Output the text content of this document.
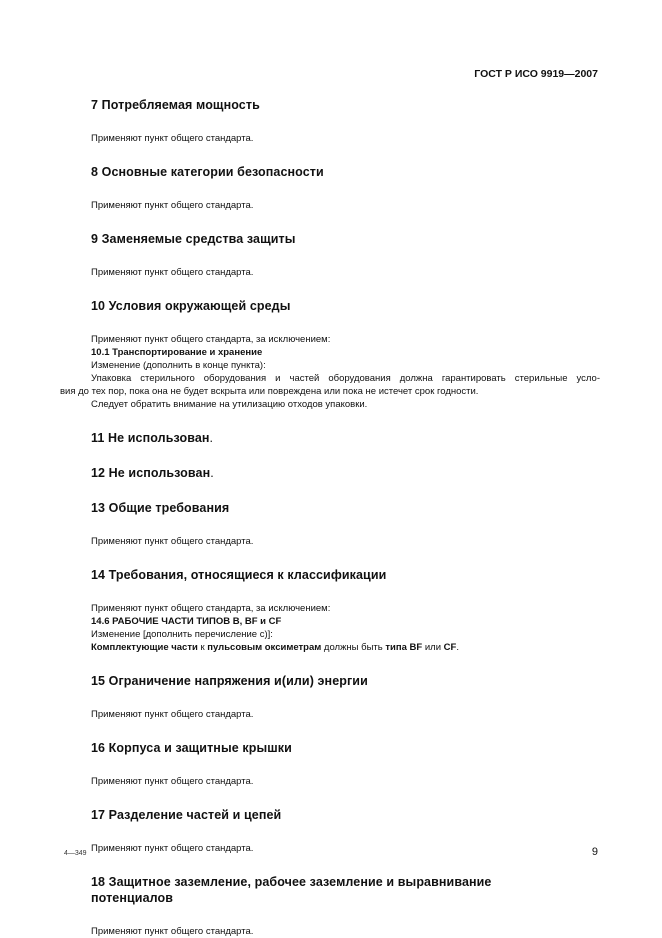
ГОСТ Р ИСО 9919—2007
7 Потребляемая мощность

Применяют пункт общего стандарта.

8 Основные категории безопасности

Применяют пункт общего стандарта.

9 Заменяемые средства защиты

Применяют пункт общего стандарта.

10 Условия окружающей среды

Применяют пункт общего стандарта, за исключением:

10.1 Транспортирование и хранение

Изменение (дополнить в конце пункта):

Упаковка стерильного оборудования и частей оборудования должна гарантировать стерильные усло-

вия до тех пор, пока она не будет вскрыта или повреждена или пока не истечет срок годности.

Следует обратить внимание на утилизацию отходов упаковки.

11 Не использован.
12 Не использован.
13 Общие требования

Применяют пункт общего стандарта.

14 Требования, относящиеся к классификации

Применяют пункт общего стандарта, за исключением:

14.6 РАБОЧИЕ ЧАСТИ ТИПОВ В, BF и CF

Изменение [дополнить перечисление с)]:

Комплектующие части к пульсовым оксиметрам должны быть типа BF или CF.

15 Ограничение напряжения и(или) энергии

Применяют пункт общего стандарта.

16 Корпуса и защитные крышки

Применяют пункт общего стандарта.

17 Разделение частей и цепей

Применяют пункт общего стандарта.

18 Защитное заземление, рабочее заземление и выравнивание
потенциалов

Применяют пункт общего стандарта.

4—349	9
